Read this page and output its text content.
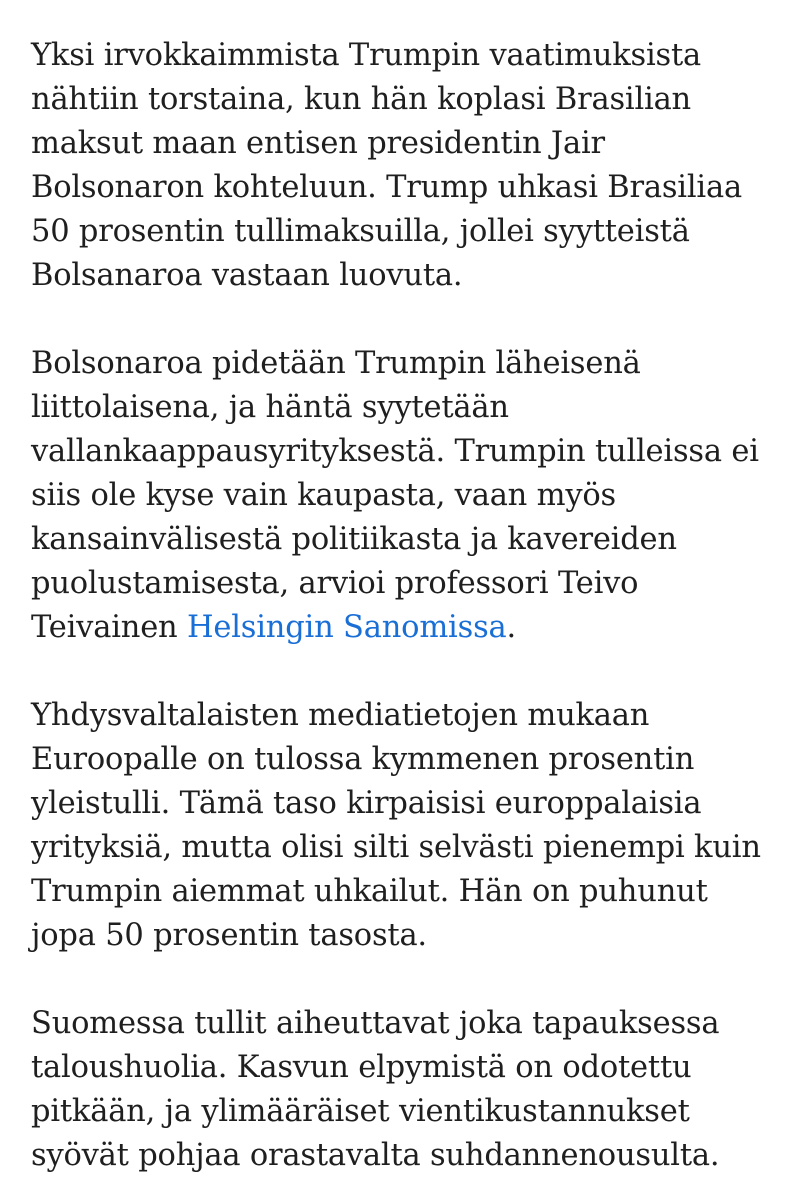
Yksi irvokkaimmista Trumpin vaatimuksista nähtiin torstaina, kun hän koplasi Brasilian maksut maan entisen presidentin Jair Bolsonaron kohteluun. Trump uhkasi Brasiliaa 50 prosentin tullimaksuilla, jollei syytteistä Bolsanaroa vastaan luovuta.

Bolsonaroa pidetään Trumpin läheisenä liittolaisena, ja häntä syytetään vallankaappausyrityksestä. Trumpin tulleissa ei siis ole kyse vain kaupasta, vaan myös kansainvälisestä politiikasta ja kavereiden puolustamisesta, arvioi professori Teivo Teivainen Helsingin Sanomissa.

Yhdysvaltalaisten mediatietojen mukaan Euroopalle on tulossa kymmenen prosentin yleistulli. Tämä taso kirpaisisi europpalaisia yrityksiä, mutta olisi silti selvästi pienempi kuin Trumpin aiemmat uhkailut. Hän on puhunut jopa 50 prosentin tasosta.

Suomessa tullit aiheuttavat joka tapauksessa taloushuolia. Kasvun elpymistä on odotettu pitkään, ja ylimääräiset vientikustannukset syövät pohjaa orastavalta suhdannenousulta.
